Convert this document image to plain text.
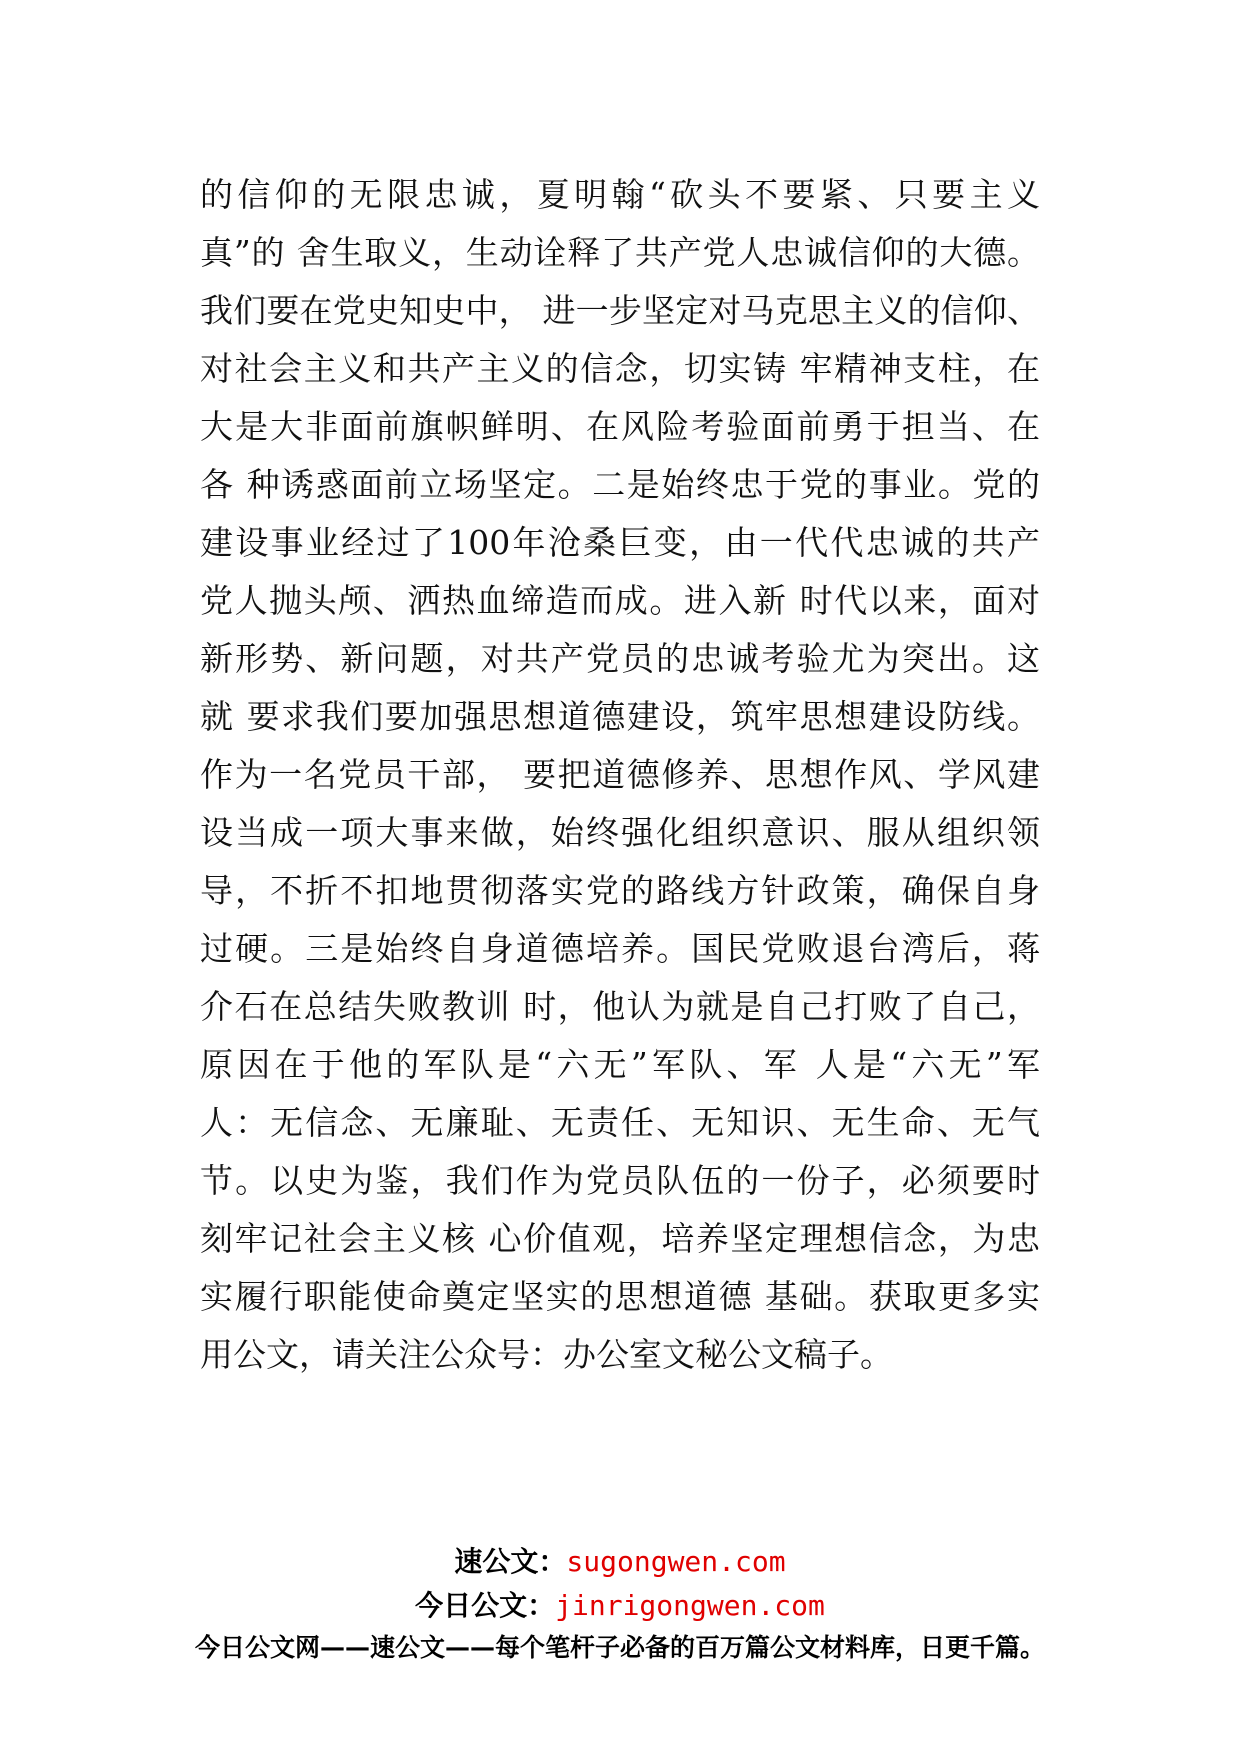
的信仰的无限忠诚，夏明翰“砍头不要紧、只要主义
真”的 舍生取义，生动诠释了共产党人忠诚信仰的大德。
我们要在党史知史中， 进一步坚定对马克思主义的信仰、
对社会主义和共产主义的信念，切实铸 牢精神支柱，在
大是大非面前旗帜鲜明、在风险考验面前勇于担当、在
各 种诱惑面前立场坚定。二是始终忠于党的事业。党的
建设事业经过了100年沧桑巨变，由一代代忠诚的共产
党人抛头颅、洒热血缔造而成。进入新 时代以来，面对
新形势、新问题，对共产党员的忠诚考验尤为突出。这
就 要求我们要加强思想道德建设，筑牢思想建设防线。
作为一名党员干部， 要把道德修养、思想作风、学风建
设当成一项大事来做，始终强化组织意识、服从组织领
导，不折不扣地贯彻落实党的路线方针政策，确保自身
过硬。三是始终自身道德培养。国民党败退台湾后，蒋
介石在总结失败教训 时，他认为就是自己打败了自己，
原因在于他的军队是“六无”军队、军 人是“六无”军
人：无信念、无廉耻、无责任、无知识、无生命、无气
节。以史为鉴，我们作为党员队伍的一份子，必须要时
刻牢记社会主义核 心价值观，培养坚定理想信念，为忠
实履行职能使命奠定坚实的思想道德 基础。获取更多实
用公文，请关注公众号：办公室文秘公文稿子。
速公文：sugongwen.com
今日公文：jinrigongwen.com
今日公文网——速公文——每个笔杆子必备的百万篇公文材料库，日更千篇。
